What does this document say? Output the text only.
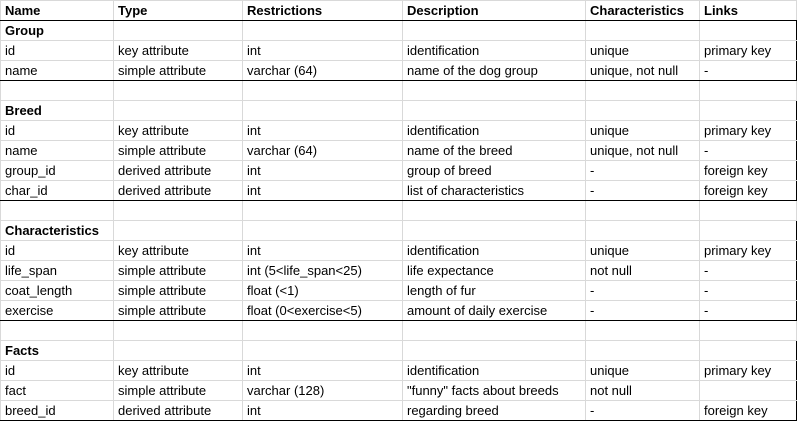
Name	Type	Restrictions	Description	Characteristics	Links
Group					
id	key attribute	int	identification	unique	primary key
name	simple attribute	varchar (64)	name of the dog group	unique, not null	-

Breed					
id	key attribute	int	identification	unique	primary key
name	simple attribute	varchar (64)	name of the breed	unique, not null	-
group_id	derived attribute	int	group of breed	-	foreign key
char_id	derived attribute	int	list of characteristics	-	foreign key

Characteristics					
id	key attribute	int	identification	unique	primary key
life_span	simple attribute	int (5<life_span<25)	life expectance	not null	-
coat_length	simple attribute	float (<1)	length of fur	-	-
exercise	simple attribute	float (0<exercise<5)	amount of daily exercise	-	-

Facts					
id	key attribute	int	identification	unique	primary key
fact	simple attribute	varchar (128)	"funny" facts about breeds	not null	
breed_id	derived attribute	int	regarding breed	-	foreign key
